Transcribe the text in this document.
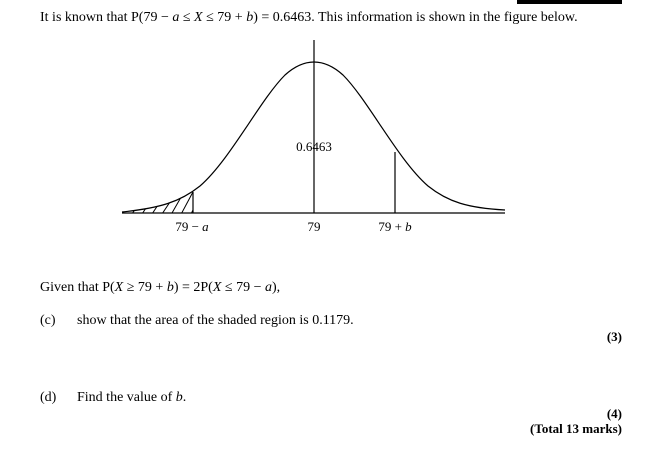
It is known that P(79 − a ≤ X ≤ 79 + b) = 0.6463. This information is shown in the figure below.
0.6463
79 − a	79	79 + b
Given that P(X ≥ 79 + b) = 2P(X ≤ 79 − a),
(c) show that the area of the shaded region is 0.1179.
(3)
(d) Find the value of b.
(4)
(Total 13 marks)
